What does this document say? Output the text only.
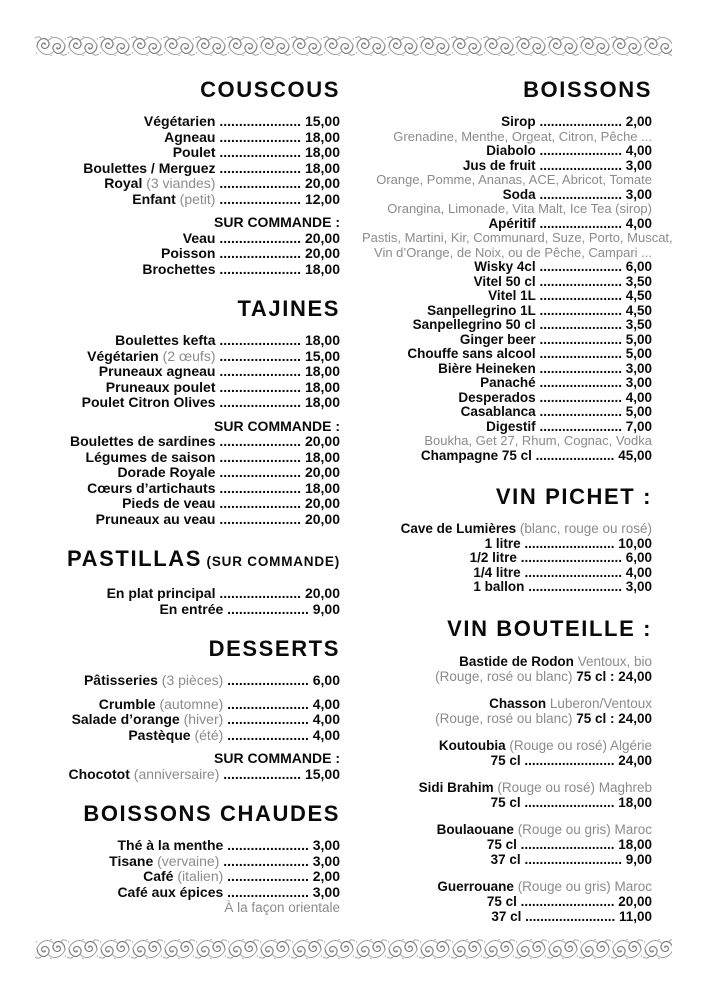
COUSCOUS
Végétarien ..................... 15,00
Agneau ..................... 18,00
Poulet ..................... 18,00
Boulettes / Merguez ..................... 18,00
Royal (3 viandes) ..................... 20,00
Enfant (petit) ..................... 12,00
SUR COMMANDE :
Veau ..................... 20,00
Poisson ..................... 20,00
Brochettes ..................... 18,00
TAJINES
Boulettes kefta ..................... 18,00
Végétarien (2 œufs) ..................... 15,00
Pruneaux agneau ..................... 18,00
Pruneaux poulet ..................... 18,00
Poulet Citron Olives ..................... 18,00
SUR COMMANDE :
Boulettes de sardines ..................... 20,00
Légumes de saison ..................... 18,00
Dorade Royale ..................... 20,00
Cœurs d’artichauts ..................... 18,00
Pieds de veau ..................... 20,00
Pruneaux au veau ..................... 20,00
PASTILLAS (SUR COMMANDE)
En plat principal ..................... 20,00
En entrée ..................... 9,00
DESSERTS
Pâtisseries (3 pièces) ..................... 6,00
Crumble (automne) ..................... 4,00
Salade d’orange (hiver) ..................... 4,00
Pastèque (été) ..................... 4,00
SUR COMMANDE :
Chocotot (anniversaire) .................... 15,00
BOISSONS CHAUDES
Thé à la menthe ..................... 3,00
Tisane (vervaine) ...................... 3,00
Café (italien) ..................... 2,00
Café aux épices ..................... 3,00
À la façon orientale
BOISSONS
Sirop ...................... 2,00
Grenadine, Menthe, Orgeat, Citron, Pêche ...
Diabolo ...................... 4,00
Jus de fruit ...................... 3,00
Orange, Pomme, Ananas, ACE, Abricot, Tomate
Soda ...................... 3,00
Orangina, Limonade, Vita Malt, Ice Tea (sirop)
Apéritif ...................... 4,00
Pastis, Martini, Kir, Communard, Suze, Porto, Muscat,
Vin d’Orange, de Noix, ou de Pêche, Campari ...
Wisky 4cl ...................... 6,00
Vitel 50 cl ...................... 3,50
Vitel 1L ...................... 4,50
Sanpellegrino 1L ...................... 4,50
Sanpellegrino 50 cl ...................... 3,50
Ginger beer ...................... 5,00
Chouffe sans alcool ...................... 5,00
Bière Heineken ...................... 3,00
Panaché ...................... 3,00
Desperados ...................... 4,00
Casablanca ...................... 5,00
Digestif ...................... 7,00
Boukha, Get 27, Rhum, Cognac, Vodka
Champagne 75 cl ..................... 45,00
VIN PICHET :
Cave de Lumières (blanc, rouge ou rosé)
1 litre ........................ 10,00
1/2 litre ........................... 6,00
1/4 litre .......................... 4,00
1 ballon ......................... 3,00
VIN BOUTEILLE :
Bastide de Rodon Ventoux, bio
(Rouge, rosé ou blanc) 75 cl : 24,00
Chasson Luberon/Ventoux
(Rouge, rosé ou blanc) 75 cl : 24,00
Koutoubia (Rouge ou rosé) Algérie
75 cl ........................ 24,00
Sidi Brahim (Rouge ou rosé) Maghreb
75 cl ........................ 18,00
Boulaouane (Rouge ou gris) Maroc
75 cl ......................... 18,00
37 cl .......................... 9,00
Guerrouane (Rouge ou gris) Maroc
75 cl ......................... 20,00
37 cl ........................ 11,00
